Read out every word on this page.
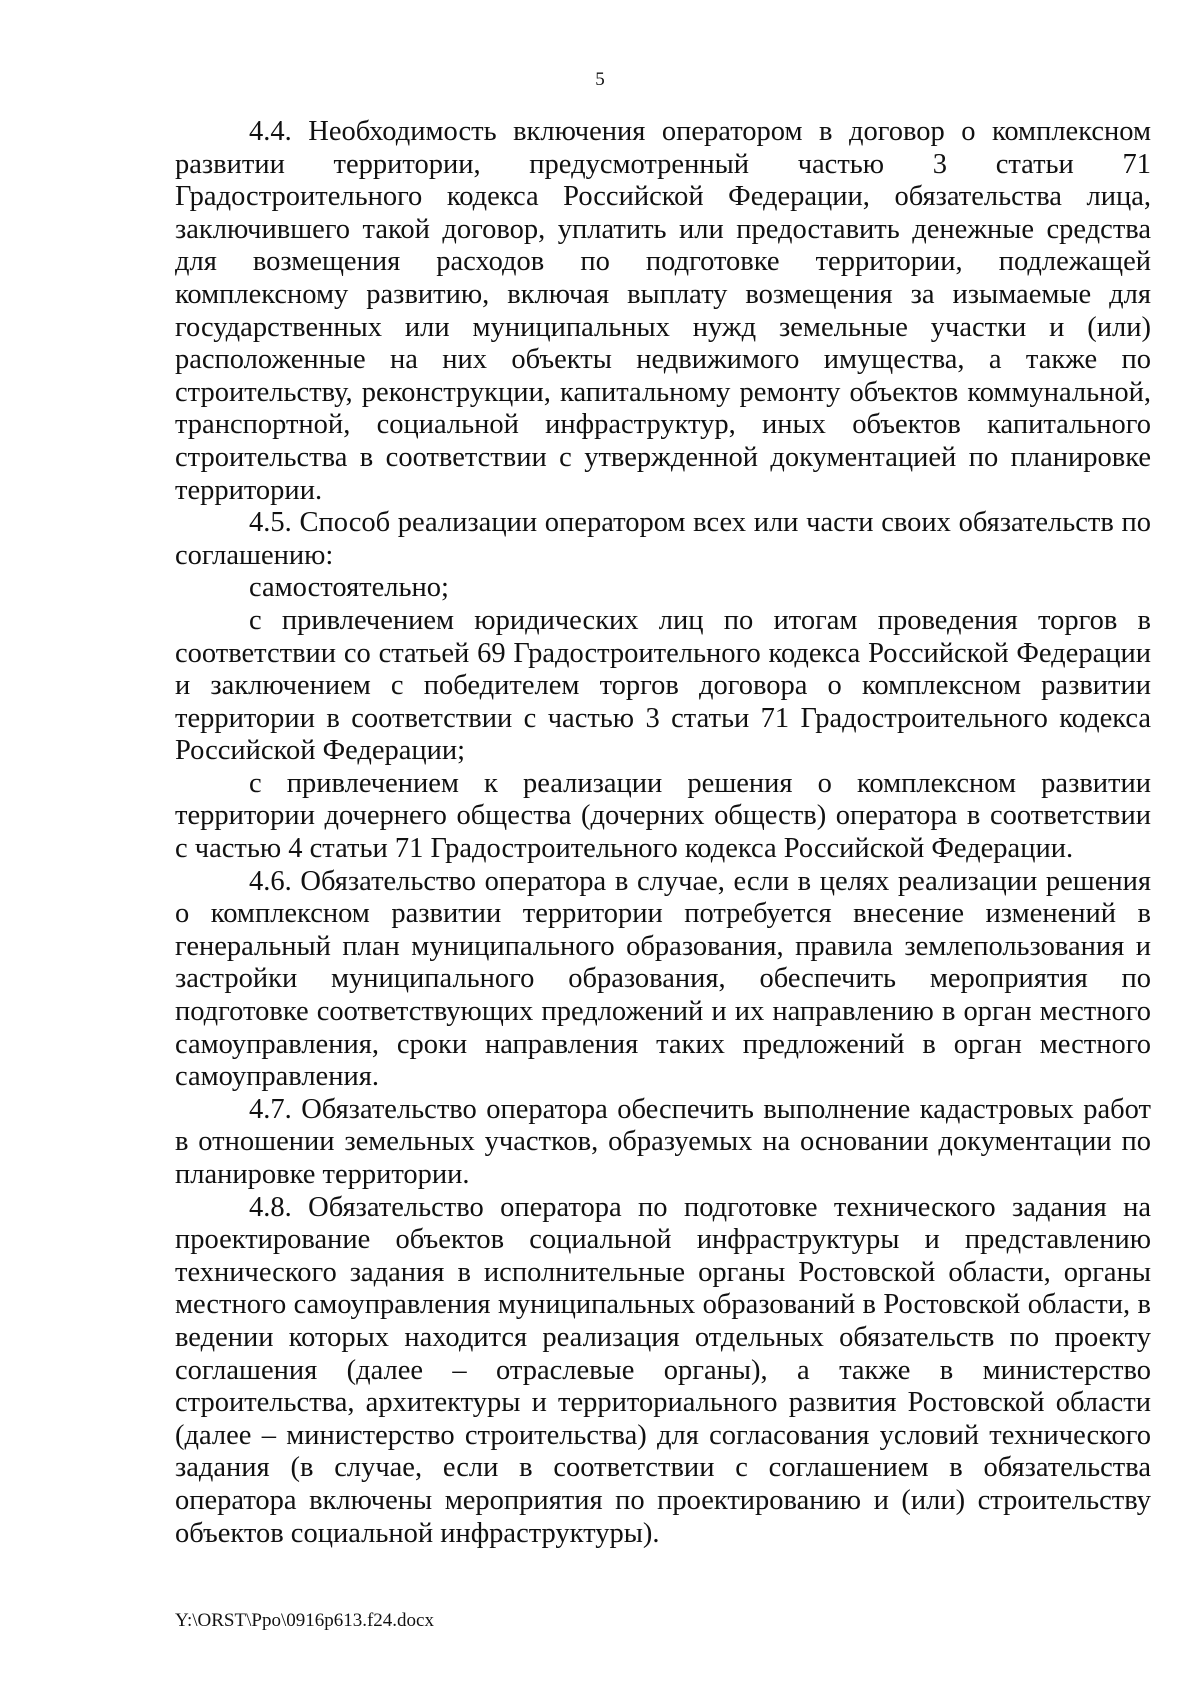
5

4.4. Необходимость включения оператором в договор о комплексном развитии территории, предусмотренный частью 3 статьи 71 Градостроительного кодекса Российской Федерации, обязательства лица, заключившего такой договор, уплатить или предоставить денежные средства для возмещения расходов по подготовке территории, подлежащей комплексному развитию, включая выплату возмещения за изымаемые для государственных или муниципальных нужд земельные участки и (или) расположенные на них объекты недвижимого имущества, а также по строительству, реконструкции, капитальному ремонту объектов коммунальной, транспортной, социальной инфраструктур, иных объектов капитального строительства в соответствии с утвержденной документацией по планировке территории.

4.5. Способ реализации оператором всех или части своих обязательств по соглашению:

самостоятельно;

с привлечением юридических лиц по итогам проведения торгов в соответствии со статьей 69 Градостроительного кодекса Российской Федерации и заключением с победителем торгов договора о комплексном развитии территории в соответствии с частью 3 статьи 71 Градостроительного кодекса Российской Федерации;

с привлечением к реализации решения о комплексном развитии территории дочернего общества (дочерних обществ) оператора в соответствии с частью 4 статьи 71 Градостроительного кодекса Российской Федерации.

4.6. Обязательство оператора в случае, если в целях реализации решения о комплексном развитии территории потребуется внесение изменений в генеральный план муниципального образования, правила землепользования и застройки муниципального образования, обеспечить мероприятия по подготовке соответствующих предложений и их направлению в орган местного самоуправления, сроки направления таких предложений в орган местного самоуправления.

4.7. Обязательство оператора обеспечить выполнение кадастровых работ в отношении земельных участков, образуемых на основании документации по планировке территории.

4.8. Обязательство оператора по подготовке технического задания на проектирование объектов социальной инфраструктуры и представлению технического задания в исполнительные органы Ростовской области, органы местного самоуправления муниципальных образований в Ростовской области, в ведении которых находится реализация отдельных обязательств по проекту соглашения (далее – отраслевые органы), а также в министерство строительства, архитектуры и территориального развития Ростовской области (далее – министерство строительства) для согласования условий технического задания (в случае, если в соответствии с соглашением в обязательства оператора включены мероприятия по проектированию и (или) строительству объектов социальной инфраструктуры).

Y:\ORST\Ppo\0916p613.f24.docx
